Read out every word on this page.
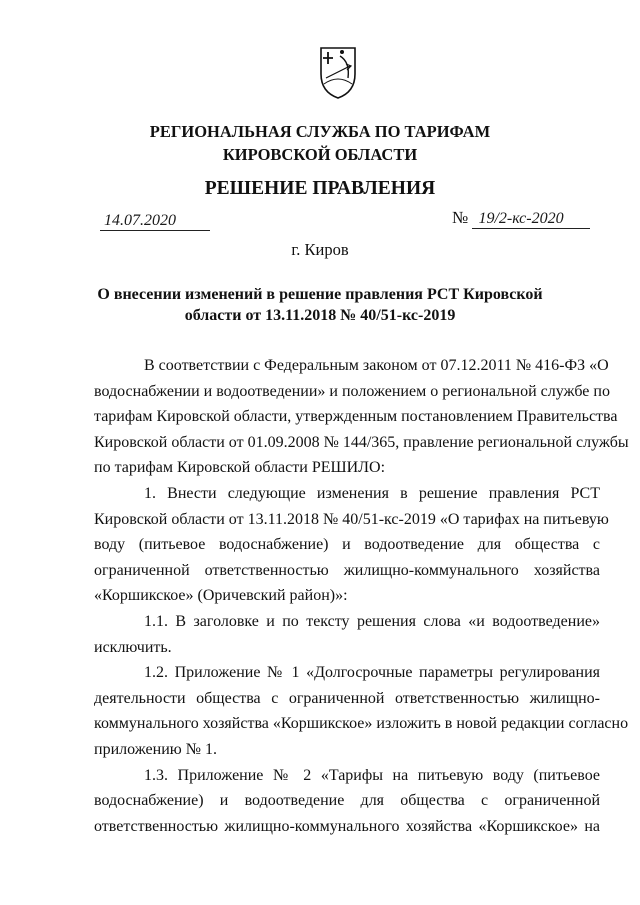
РЕГИОНАЛЬНАЯ СЛУЖБА ПО ТАРИФАМ
КИРОВСКОЙ ОБЛАСТИ
РЕШЕНИЕ ПРАВЛЕНИЯ
14.07.2020	№ 19/2-кс-2020
г. Киров
О внесении изменений в решение правления РСТ Кировской
области от 13.11.2018 № 40/51-кс-2019
В соответствии с Федеральным законом от 07.12.2011 № 416-ФЗ «О
водоснабжении и водоотведении» и положением о региональной службе по
тарифам Кировской области, утвержденным постановлением Правительства
Кировской области от 01.09.2008 № 144/365, правление региональной службы
по тарифам Кировской области РЕШИЛО:
1. Внести следующие изменения в решение правления РСТ
Кировской области от 13.11.2018 № 40/51-кс-2019 «О тарифах на питьевую
воду (питьевое водоснабжение) и водоотведение для общества с
ограниченной ответственностью жилищно-коммунального хозяйства
«Коршикское» (Оричевский район)»:
1.1. В заголовке и по тексту решения слова «и водоотведение»
исключить.
1.2. Приложение № 1 «Долгосрочные параметры регулирования
деятельности общества с ограниченной ответственностью жилищно-
коммунального хозяйства «Коршикское» изложить в новой редакции согласно
приложению № 1.
1.3. Приложение № 2 «Тарифы на питьевую воду (питьевое
водоснабжение) и водоотведение для общества с ограниченной
ответственностью жилищно-коммунального хозяйства «Коршикское» на
